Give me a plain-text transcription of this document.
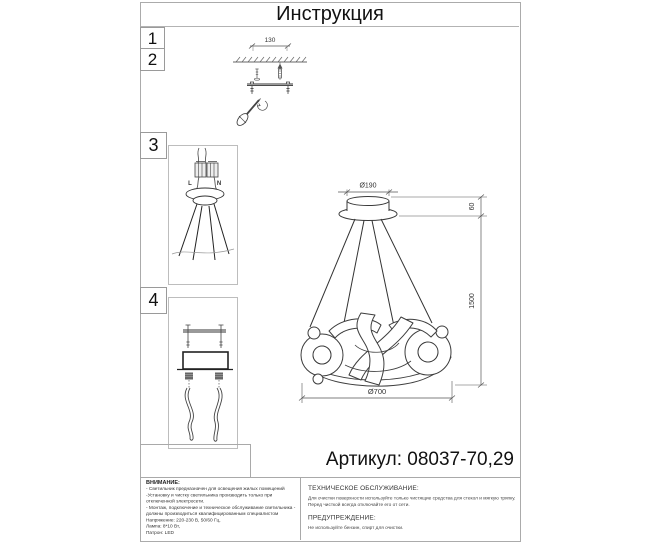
Инструкция
1
2
3
4
130
L	N	Ø190
Ø700
60
1500
Артикул: 08037-70,29

ВНИМАНИЕ:

- Светильник предназначен для освещения жилых помещений
-Установку и чистку светильника производить только при отключенной электросети.
- Монтаж, подключение и техническое обслуживание светильника - должны производиться квалифицированным специалистом
Напряжение: 220-230 В, 50/60 Гц,
Лампа: 8*10 Вт,
Патрон: LED

ТЕХНИЧЕСКОЕ ОБСЛУЖИВАНИЕ:

Для очистки поверхности используйте только чистящие средства для стекол и мягкую тряпку. Перед чисткой всегда отключайте его от сети.

ПРЕДУПРЕЖДЕНИЕ:

Не используйте бензин, спирт для очистки.
